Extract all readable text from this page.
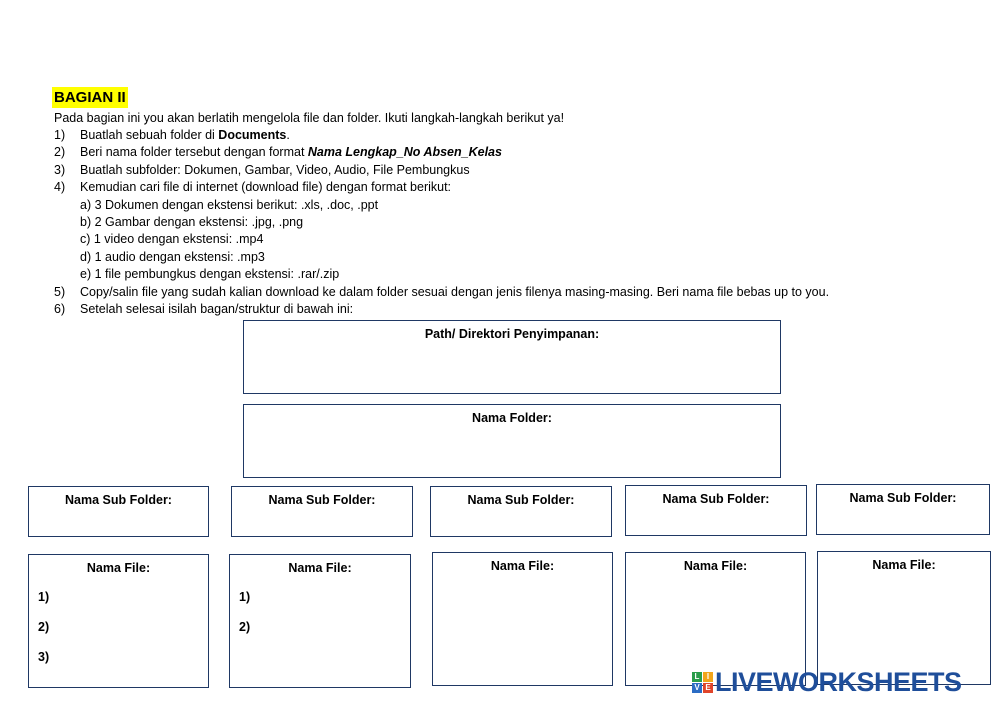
BAGIAN II
Pada bagian ini you akan berlatih mengelola file dan folder. Ikuti langkah-langkah berikut ya!
1) Buatlah sebuah folder di Documents.
2) Beri nama folder tersebut dengan format Nama Lengkap_No Absen_Kelas
3) Buatlah subfolder: Dokumen, Gambar, Video, Audio, File Pembungkus
4) Kemudian cari file di internet (download file) dengan format berikut:
a) 3 Dokumen dengan ekstensi berikut: .xls, .doc, .ppt
b) 2 Gambar dengan ekstensi: .jpg, .png
c) 1 video dengan ekstensi: .mp4
d) 1 audio dengan ekstensi: .mp3
e) 1 file pembungkus dengan ekstensi: .rar/.zip
5) Copy/salin file yang sudah kalian download ke dalam folder sesuai dengan jenis filenya masing-masing. Beri nama file bebas up to you.
6) Setelah selesai isilah bagan/struktur di bawah ini:
Path/ Direktori Penyimpanan:
Nama Folder:
Nama Sub Folder:	Nama Sub Folder:	Nama Sub Folder:	Nama Sub Folder:	Nama Sub Folder:
Nama File:
1)
2)
3)
Nama File:
1)
2)
Nama File:	Nama File:	Nama File:
L I
V E LIVEWORKSHEETS
